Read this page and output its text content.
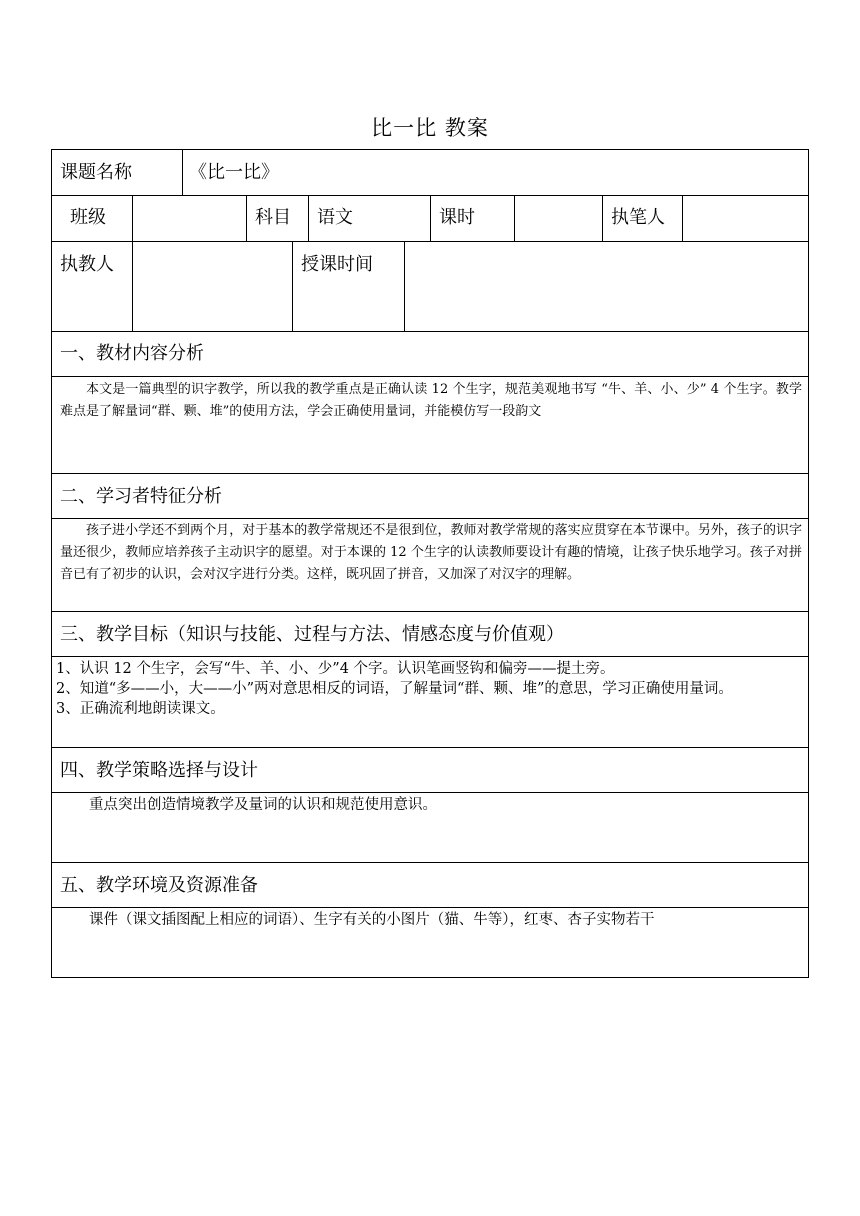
比一比 教案
课题名称	《比一比》
班级	科目 语文	课时	执笔人
执教人	授课时间
一、教材内容分析
本文是一篇典型的识字教学，所以我的教学重点是正确认读 12 个生字，规范美观地书写 “牛、羊、小、少” 4 个生字。教学难点是了解量词“群、颗、堆”的使用方法，学会正确使用量词，并能模仿写一段韵文
二、学习者特征分析
孩子进小学还不到两个月，对于基本的教学常规还不是很到位，教师对教学常规的落实应贯穿在本节课中。另外，孩子的识字量还很少，教师应培养孩子主动识字的愿望。对于本课的 12 个生字的认读教师要设计有趣的情境，让孩子快乐地学习。孩子对拼音已有了初步的认识，会对汉字进行分类。这样，既巩固了拼音，又加深了对汉字的理解。
三、教学目标（知识与技能、过程与方法、情感态度与价值观）

1、认识 12 个生字，会写“牛、羊、小、少”4 个字。认识笔画竖钩和偏旁——提土旁。

2、知道“多——小，大——小”两对意思相反的词语，了解量词“群、颗、堆”的意思，学习正确使用量词。

3、正确流利地朗读课文。

四、教学策略选择与设计
重点突出创造情境教学及量词的认识和规范使用意识。
五、教学环境及资源准备
课件（课文插图配上相应的词语）、生字有关的小图片（猫、牛等），红枣、杏子实物若干
